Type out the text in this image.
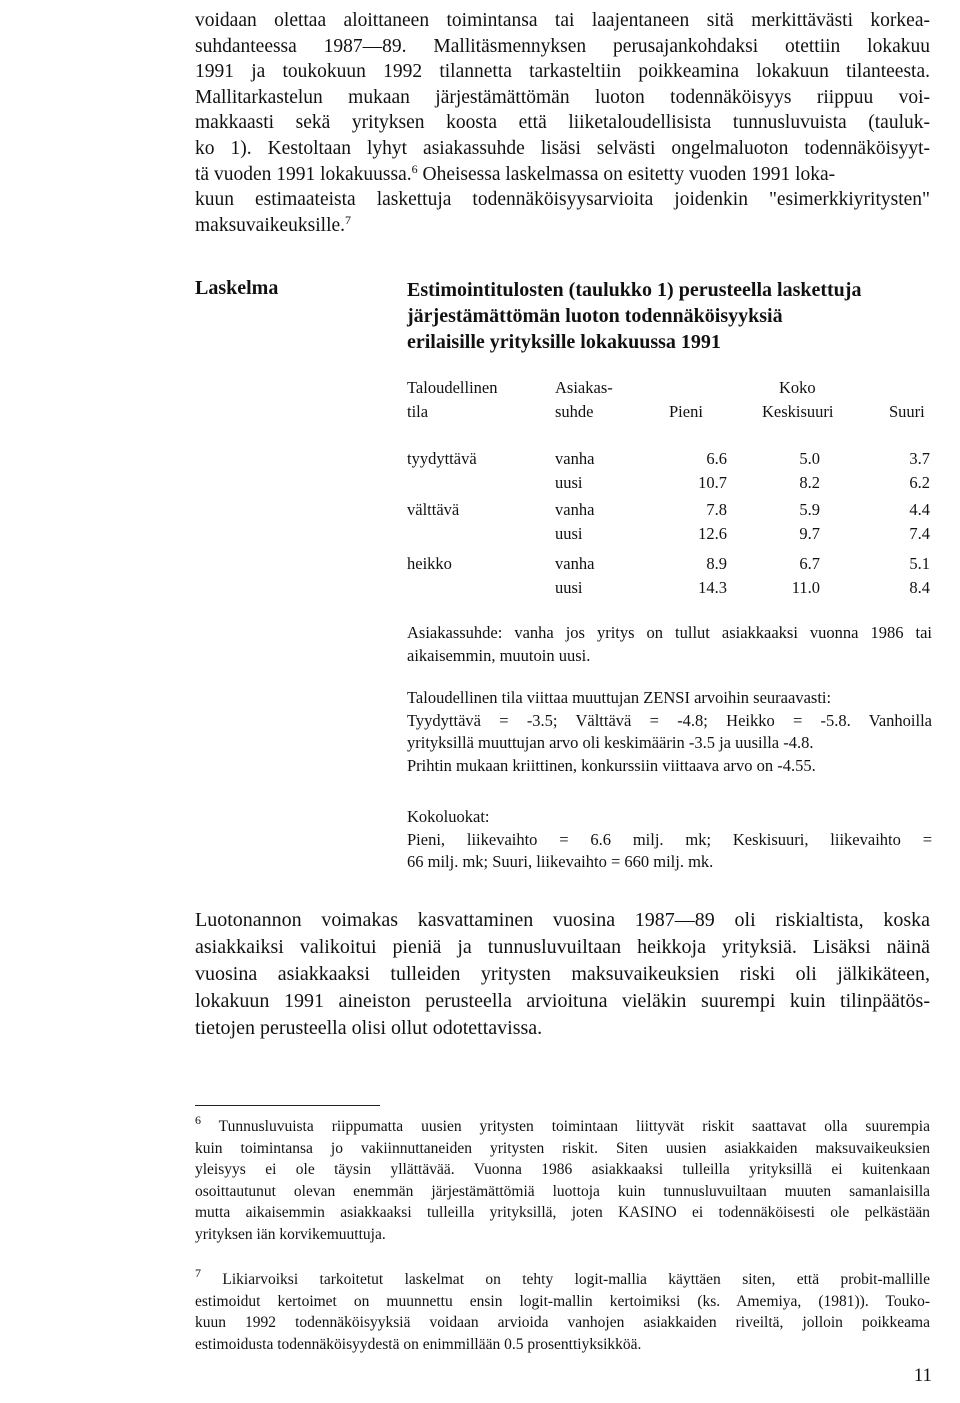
voidaan olettaa aloittaneen toimintansa tai laajentaneen sitä merkittävästi korkea-
suhdanteessa 1987—89. Mallitäsmennyksen perusajankohdaksi otettiin lokakuu
1991 ja toukokuun 1992 tilannetta tarkasteltiin poikkeamina lokakuun tilanteesta.
Mallitarkastelun mukaan järjestämättömän luoton todennäköisyys riippuu voi-
makkaasti sekä yrityksen koosta että liiketaloudellisista tunnusluvuista (tauluk-
ko 1). Kestoltaan lyhyt asiakassuhde lisäsi selvästi ongelmaluoton todennäköisyyt-
tä vuoden 1991 lokakuussa.$^6$ Oheisessa laskelmassa on esitetty vuoden 1991 loka-
kuun estimaateista laskettuja todennäköisyysarvioita joidenkin "esimerkkiyritysten"
maksuvaikeuksille.$^7$
Laskelma	Estimointitulosten (taulukko 1) perusteella laskettuja
järjestämättömän luoton todennäköisyyksiä
erilaisille yrityksille lokakuussa 1991
Taloudellinen
tila
Asiakas-
suhde
Koko
Pieni	Keskisuuri	Suuri
tyydyttävä	vanha	6.6	5.0	3.7
uusi	10.7	8.2	6.2
välttävä	vanha	7.8	5.9	4.4
uusi	12.6	9.7	7.4
heikko	vanha	8.9	6.7	5.1
uusi	14.3	11.0	8.4
Asiakassuhde: vanha jos yritys on tullut asiakkaaksi vuonna 1986 tai
aikaisemmin, muutoin uusi.
Taloudellinen tila viittaa muuttujan ZENSI arvoihin seuraavasti:
Tyydyttävä = -3.5; Välttävä = -4.8; Heikko = -5.8. Vanhoilla
yrityksillä muuttujan arvo oli keskimäärin -3.5 ja uusilla -4.8.
Prihtin mukaan kriittinen, konkurssiin viittaava arvo on -4.55.
Kokoluokat:
Pieni, liikevaihto = 6.6 milj. mk; Keskisuuri, liikevaihto =
66 milj. mk; Suuri, liikevaihto = 660 milj. mk.
Luotonannon voimakas kasvattaminen vuosina 1987—89 oli riskialtista, koska
asiakkaiksi valikoitui pieniä ja tunnusluvuiltaan heikkoja yrityksiä. Lisäksi näinä
vuosina asiakkaaksi tulleiden yritysten maksuvaikeuksien riski oli jälkikäteen,
lokakuun 1991 aineiston perusteella arvioituna vieläkin suurempi kuin tilinpäätös-
tietojen perusteella olisi ollut odotettavissa.
$^6$ Tunnusluvuista riippumatta uusien yritysten toimintaan liittyvät riskit saattavat olla suurempia
kuin toimintansa jo vakiinnuttaneiden yritysten riskit. Siten uusien asiakkaiden maksuvaikeuksien
yleisyys ei ole täysin yllättävää. Vuonna 1986 asiakkaaksi tulleilla yrityksillä ei kuitenkaan
osoittautunut olevan enemmän järjestämättömiä luottoja kuin tunnusluvuiltaan muuten samanlaisilla
mutta aikaisemmin asiakkaaksi tulleilla yrityksillä, joten KASINO ei todennäköisesti ole pelkästään
yrityksen iän korvikemuuttuja.
$^7$ Likiarvoiksi tarkoitetut laskelmat on tehty logit-mallia käyttäen siten, että probit-mallille
estimoidut kertoimet on muunnettu ensin logit-mallin kertoimiksi (ks. Amemiya, (1981)). Touko-
kuun 1992 todennäköisyyksiä voidaan arvioida vanhojen asiakkaiden riveiltä, jolloin poikkeama
estimoidusta todennäköisyydestä on enimmillään 0.5 prosenttiyksikköä.
11
